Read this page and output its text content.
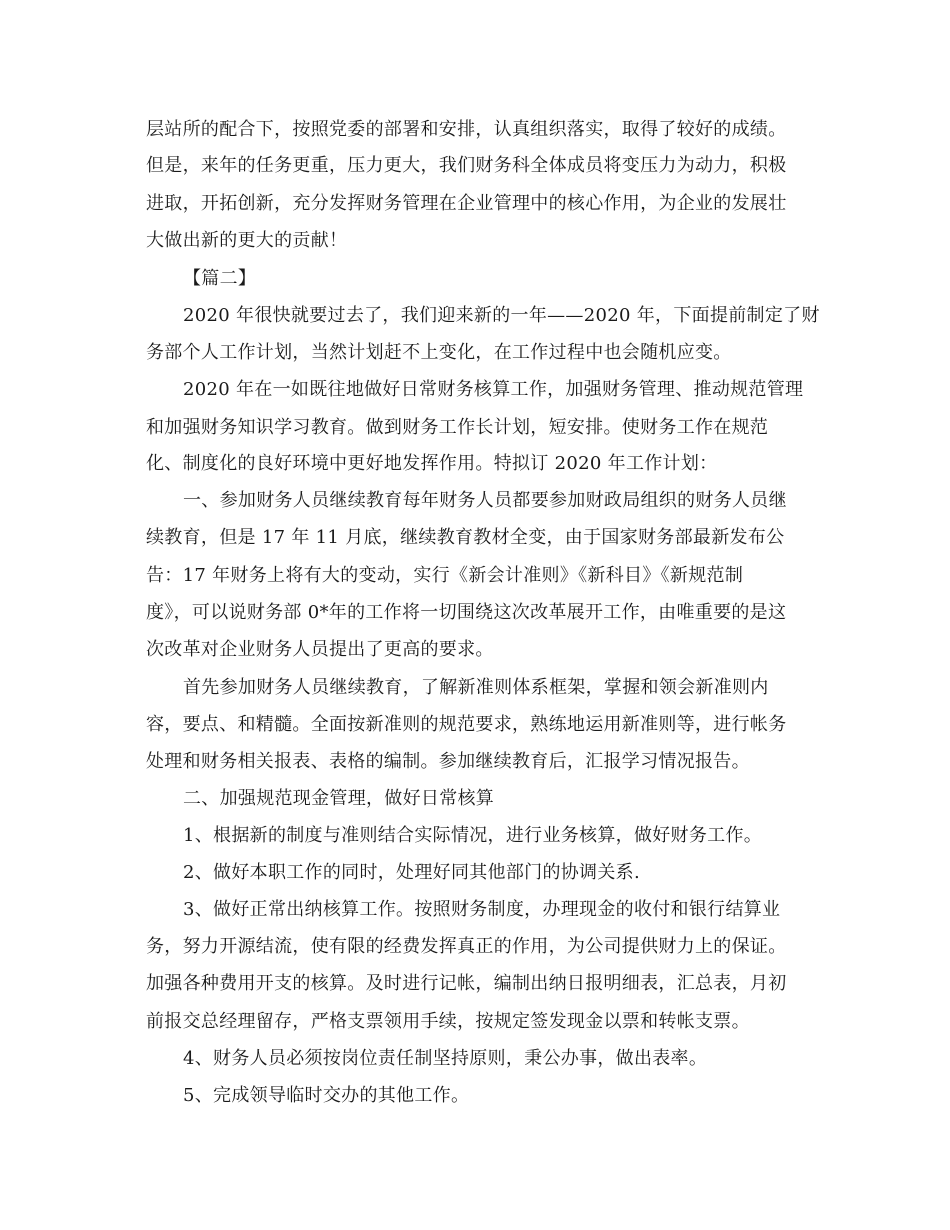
层站所的配合下，按照党委的部署和安排，认真组织落实，取得了较好的成绩。

但是，来年的任务更重，压力更大，我们财务科全体成员将变压力为动力，积极

进取，开拓创新，充分发挥财务管理在企业管理中的核心作用，为企业的发展壮

大做出新的更大的贡献！

【篇二】

2020 年很快就要过去了，我们迎来新的一年——2020 年，下面提前制定了财

务部个人工作计划，当然计划赶不上变化，在工作过程中也会随机应变。

2020 年在一如既往地做好日常财务核算工作，加强财务管理、推动规范管理

和加强财务知识学习教育。做到财务工作长计划，短安排。使财务工作在规范

化、制度化的良好环境中更好地发挥作用。特拟订 2020 年工作计划：

一、参加财务人员继续教育每年财务人员都要参加财政局组织的财务人员继

续教育，但是 17 年 11 月底，继续教育教材全变，由于国家财务部最新发布公

告：17 年财务上将有大的变动，实行《新会计准则》《新科目》《新规范制

度》，可以说财务部 0*年的工作将一切围绕这次改革展开工作，由唯重要的是这

次改革对企业财务人员提出了更高的要求。

首先参加财务人员继续教育，了解新准则体系框架，掌握和领会新准则内

容，要点、和精髓。全面按新准则的规范要求，熟练地运用新准则等，进行帐务

处理和财务相关报表、表格的编制。参加继续教育后，汇报学习情况报告。

二、加强规范现金管理，做好日常核算

1、根据新的制度与准则结合实际情况，进行业务核算，做好财务工作。

2、做好本职工作的同时，处理好同其他部门的协调关系.

3、做好正常出纳核算工作。按照财务制度，办理现金的收付和银行结算业

务，努力开源结流，使有限的经费发挥真正的作用，为公司提供财力上的保证。

加强各种费用开支的核算。及时进行记帐，编制出纳日报明细表，汇总表，月初

前报交总经理留存，严格支票领用手续，按规定签发现金以票和转帐支票。

4、财务人员必须按岗位责任制坚持原则，秉公办事，做出表率。

5、完成领导临时交办的其他工作。
